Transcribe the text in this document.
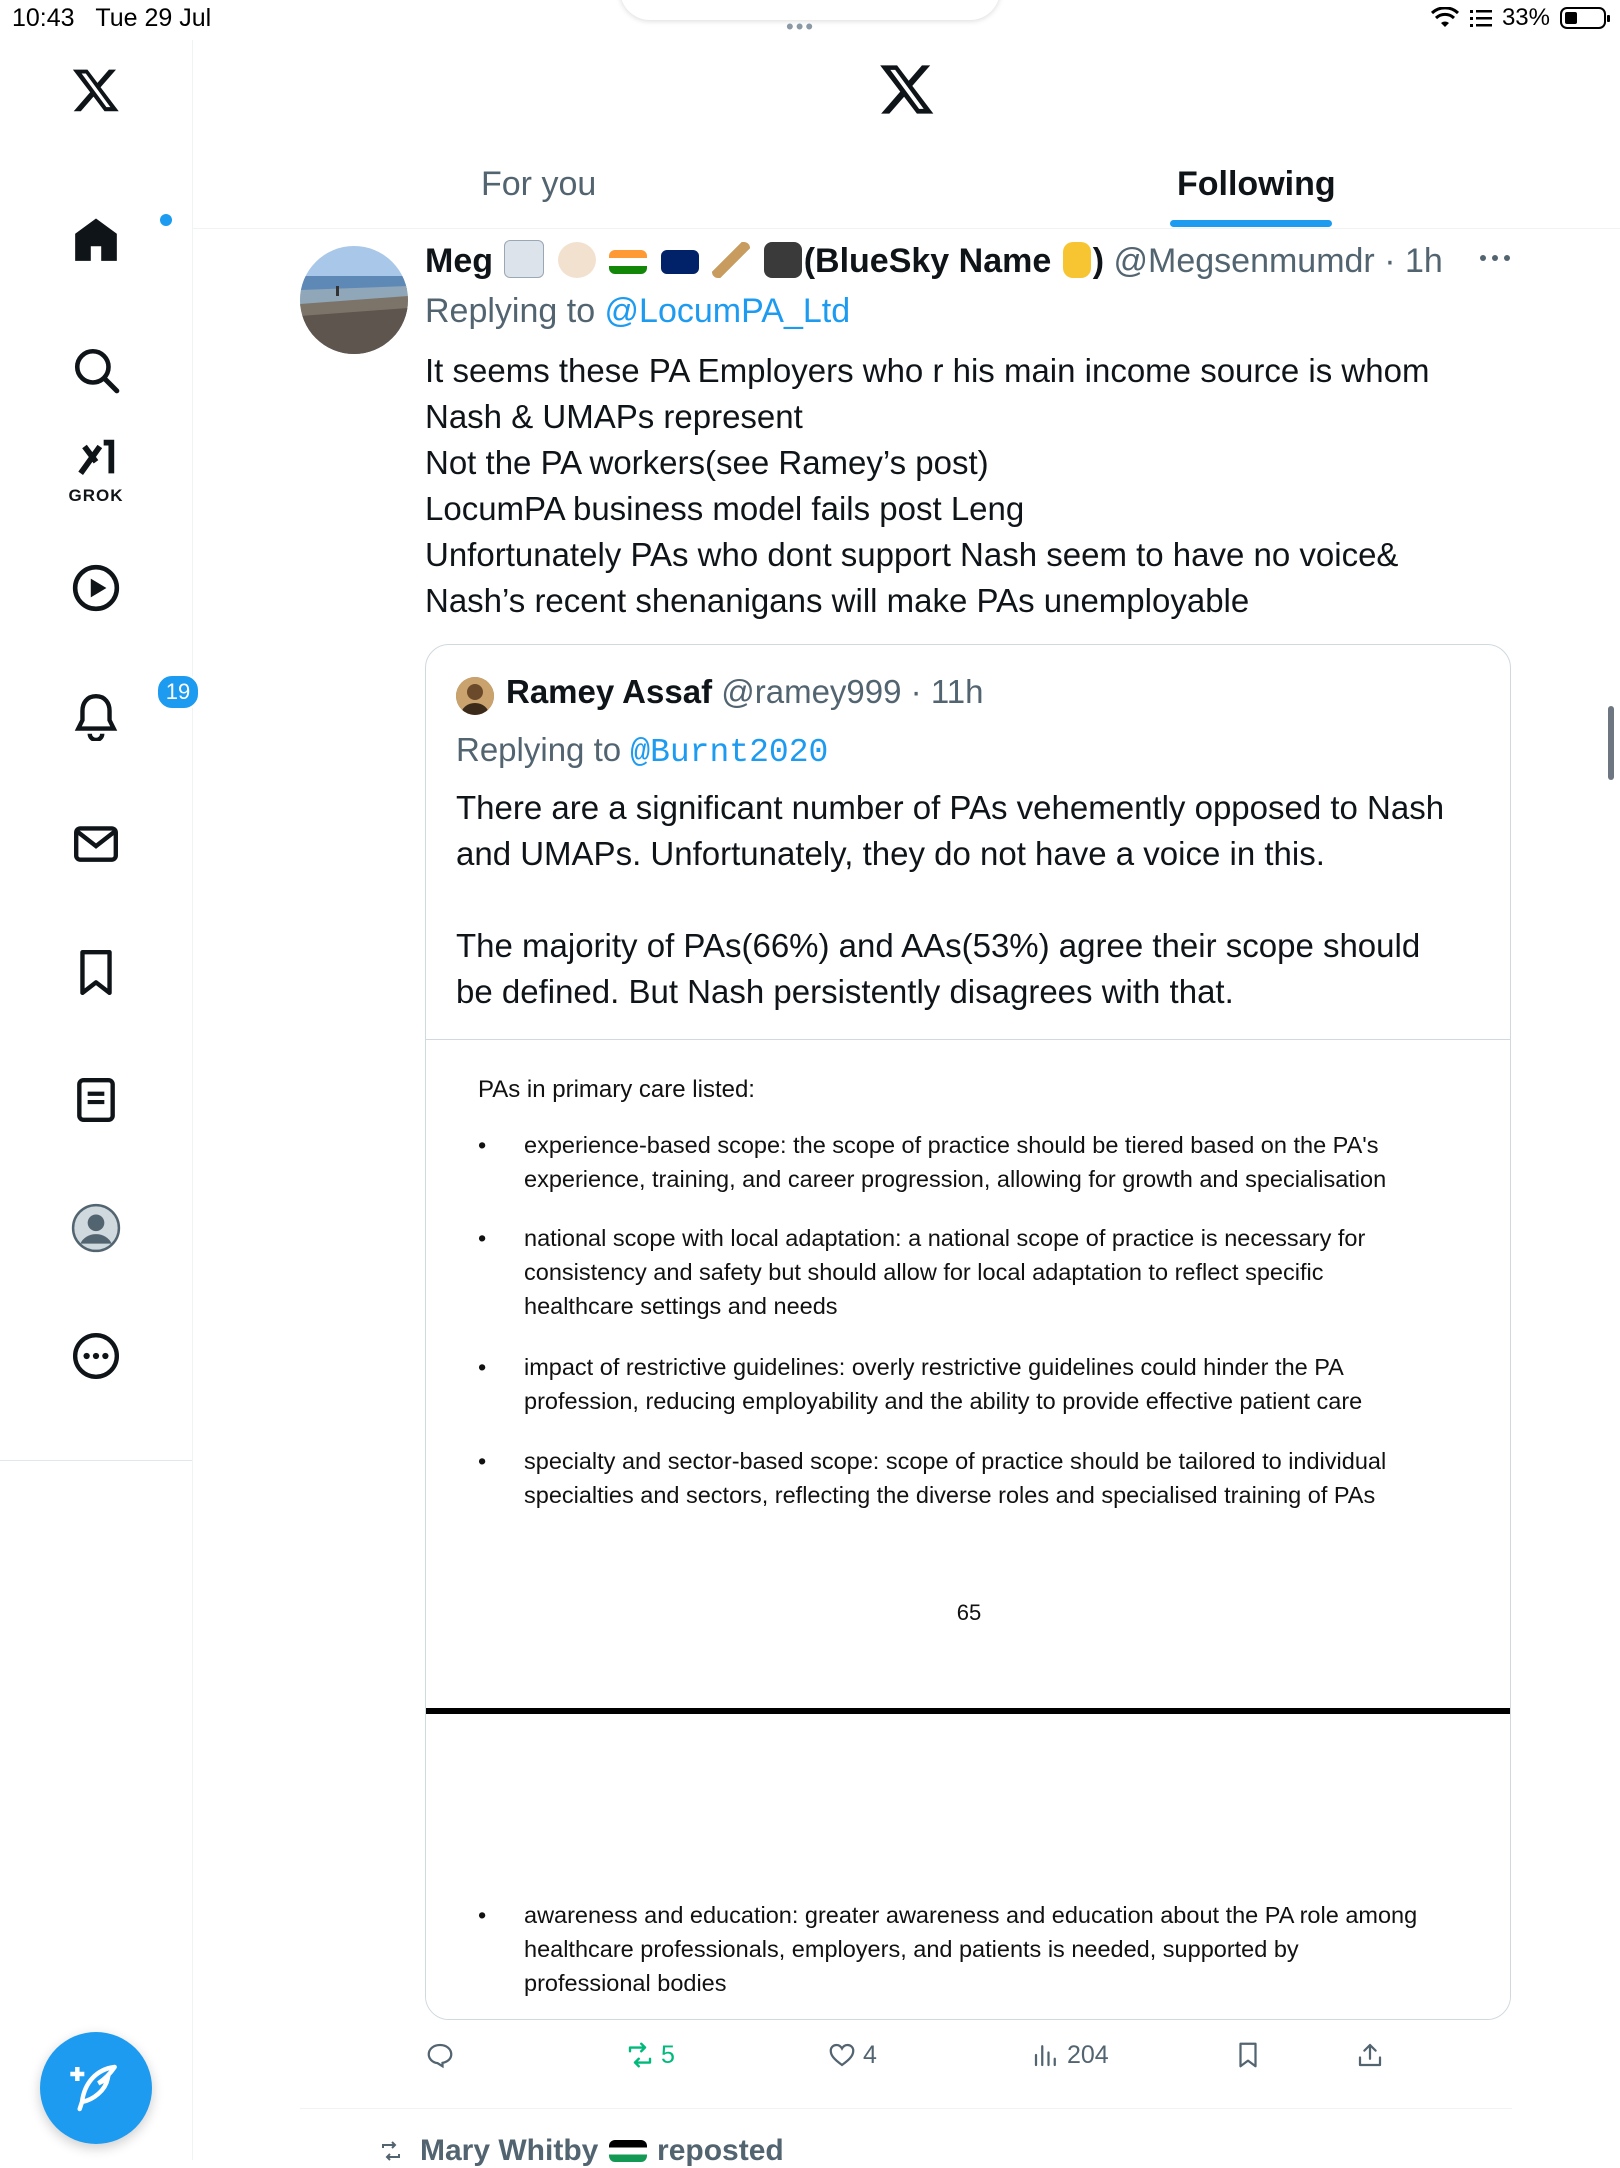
10:43 Tue 29 Jul	•••	33%
GROK
19
For you	Following
Meg	(BlueSky Name ) @Megsenmumdr · 1h
Replying to @LocumPA_Ltd
It seems these PA Employers who r his main income source is whom
Nash & UMAPs represent
Not the PA workers(see Ramey’s post)
LocumPA business model fails post Leng
Unfortunately PAs who dont support Nash seem to have no voice&
Nash’s recent shenanigans will make PAs unemployable
Ramey Assaf @ramey999 · 11h
Replying to @Burnt2020
There are a significant number of PAs vehemently opposed to Nash
and UMAPs. Unfortunately, they do not have a voice in this.
The majority of PAs(66%) and AAs(53%) agree their scope should
be defined. But Nash persistently disagrees with that.
PAs in primary care listed:
•	experience-based scope: the scope of practice should be tiered based on the PA's
experience, training, and career progression, allowing for growth and specialisation
•	national scope with local adaptation: a national scope of practice is necessary for
consistency and safety but should allow for local adaptation to reflect specific
healthcare settings and needs
•	impact of restrictive guidelines: overly restrictive guidelines could hinder the PA
profession, reducing employability and the ability to provide effective patient care
•	specialty and sector-based scope: scope of practice should be tailored to individual
specialties and sectors, reflecting the diverse roles and specialised training of PAs
65
•	awareness and education: greater awareness and education about the PA role among
healthcare professionals, employers, and patients is needed, supported by
professional bodies
5	4	204
Mary Whitby reposted
